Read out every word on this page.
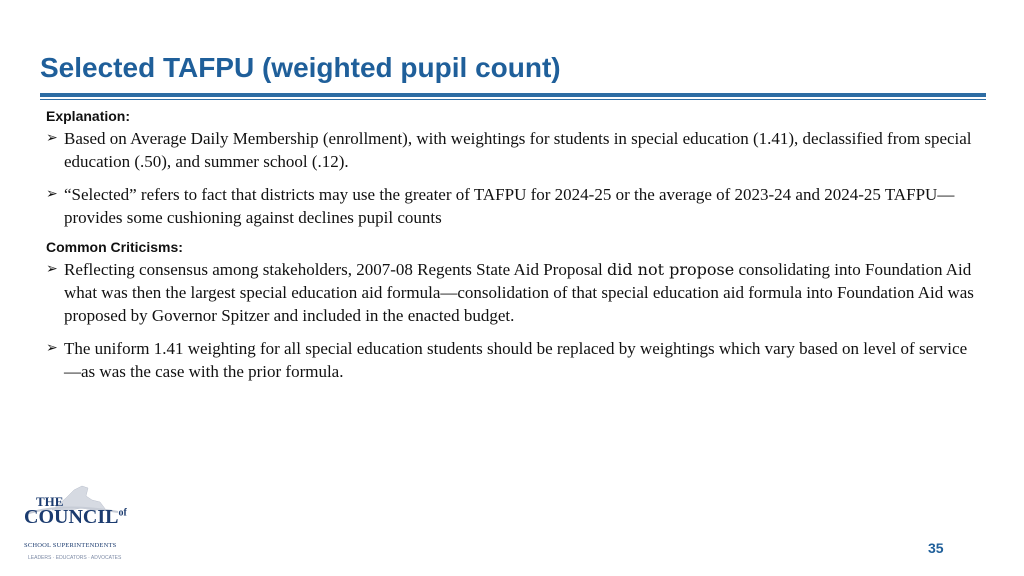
Selected TAFPU (weighted pupil count)
Explanation:
➢ Based on Average Daily Membership (enrollment), with weightings for students in special education (1.41), declassified from special education (.50), and summer school (.12).
➢ “Selected” refers to fact that districts may use the greater of TAFPU for 2024-25 or the average of 2023-24 and 2024-25 TAFPU—provides some cushioning against declines pupil counts
Common Criticisms:
➢ Reflecting consensus among stakeholders, 2007-08 Regents State Aid Proposal did not propose consolidating into Foundation Aid what was then the largest special education aid formula—consolidation of that special education aid formula into Foundation Aid was proposed by Governor Spitzer and included in the enacted budget.
➢ The uniform 1.41 weighting for all special education students should be replaced by weightings which vary based on level of service—as was the case with the prior formula.
THE
$COUNCIL^{of}$
SCHOOL SUPERINTENDENTS
LEADERS · EDUCATORS · ADVOCATES
35
